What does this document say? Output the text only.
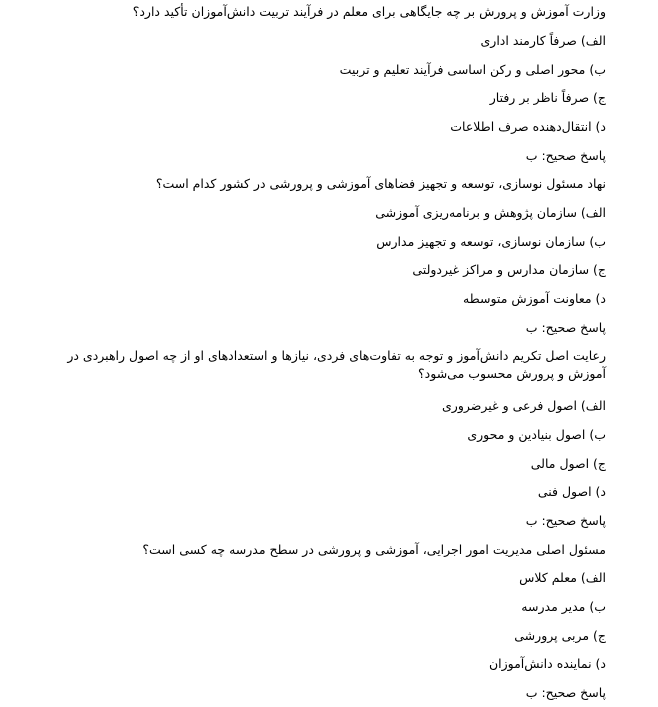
وزارت آموزش و پرورش بر چه جایگاهی برای معلم در فرآیند تربیت دانش‌آموزان تأکید دارد؟
الف) صرفاً کارمند اداری
ب) محور اصلی و رکن اساسی فرآیند تعلیم و تربیت
ج) صرفاً ناظر بر رفتار
د) انتقال‌دهنده صرف اطلاعات
پاسخ صحیح: ب
نهاد مسئول نوسازی، توسعه و تجهیز فضاهای آموزشی و پرورشی در کشور کدام است؟
الف) سازمان پژوهش و برنامه‌ریزی آموزشی
ب) سازمان نوسازی، توسعه و تجهیز مدارس
ج) سازمان مدارس و مراکز غیردولتی
د) معاونت آموزش متوسطه
پاسخ صحیح: ب
رعایت اصل تکریم دانش‌آموز و توجه به تفاوت‌های فردی، نیازها و استعدادهای او از چه اصول راهبردی در آموزش و پرورش محسوب می‌شود؟
الف) اصول فرعی و غیرضروری
ب) اصول بنیادین و محوری
ج) اصول مالی
د) اصول فنی
پاسخ صحیح: ب
مسئول اصلی مدیریت امور اجرایی، آموزشی و پرورشی در سطح مدرسه چه کسی است؟
الف) معلم کلاس
ب) مدیر مدرسه
ج) مربی پرورشی
د) نماینده دانش‌آموزان
پاسخ صحیح: ب
